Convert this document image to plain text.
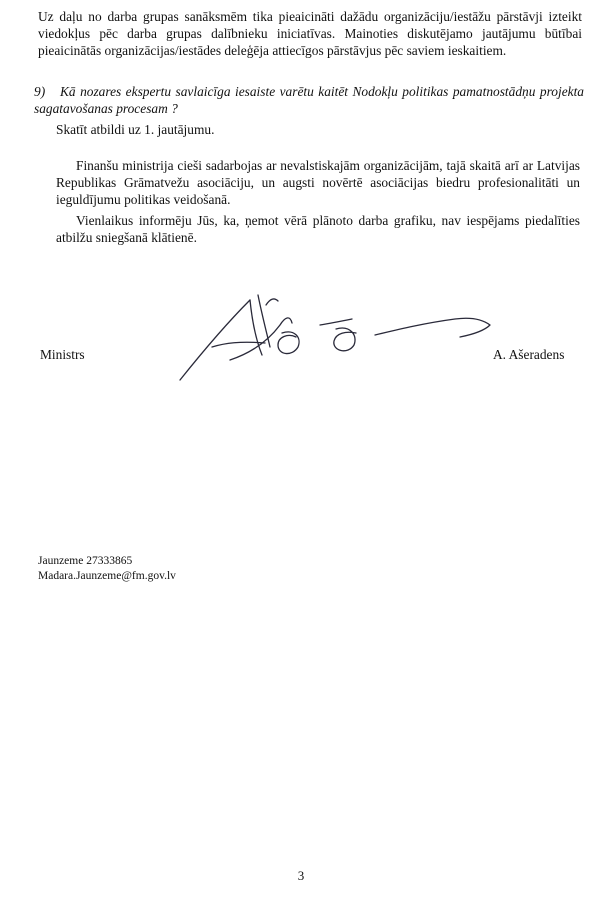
Uz daļu no darba grupas sanāksmēm tika pieaicināti dažādu organizāciju/iestāžu pārstāvji izteikt viedokļus pēc darba grupas dalībnieku iniciatīvas. Mainoties diskutējamo jautājumu būtībai pieaicinātās organizācijas/iestādes deleģēja attiecīgos pārstāvjus pēc saviem ieskaitiem.

9) Kā nozares ekspertu savlaicīga iesaiste varētu kaitēt Nodokļu politikas pamatnostādņu projekta sagatavošanas procesam ?

Skatīt atbildi uz 1. jautājumu.

Finanšu ministrija cieši sadarbojas ar nevalstiskajām organizācijām, tajā skaitā arī ar Latvijas Republikas Grāmatvežu asociāciju, un augsti novērtē asociācijas biedru profesionalitāti un ieguldījumu politikas veidošanā.

Vienlaikus informēju Jūs, ka, ņemot vērā plānoto darba grafiku, nav iespējams piedalīties atbilžu sniegšanā klātienē.

Ministrs	A. Ašeradens
Jaunzeme 27333865
Madara.Jaunzeme@fm.gov.lv
3
